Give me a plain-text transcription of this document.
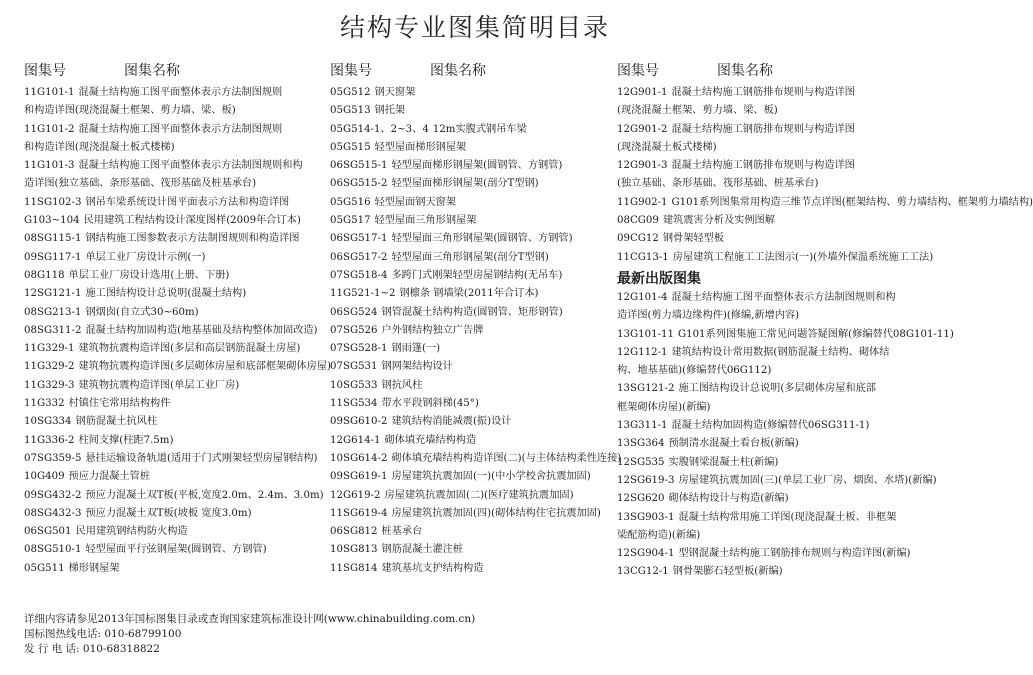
结构专业图集简明目录
图集号	图集名称
11G101-1 混凝土结构施工图平面整体表示方法制图规则
和构造详图(现浇混凝土框架、剪力墙、梁、板)
11G101-2 混凝土结构施工图平面整体表示方法制图规则
和构造详图(现浇混凝土板式楼梯)
11G101-3 混凝土结构施工图平面整体表示方法制图规则和构
造详图(独立基础、条形基础、筏形基础及桩基承台)
11SG102-3 钢吊车梁系统设计图平面表示方法和构造详图
G103~104 民用建筑工程结构设计深度图样(2009年合订本)
08SG115-1 钢结构施工图参数表示方法制图规则和构造详图
09SG117-1 单层工业厂房设计示例(一)
08G118 单层工业厂房设计选用(上册、下册)
12SG121-1 施工图结构设计总说明(混凝土结构)
08SG213-1 钢烟囱(自立式30~60m)
08SG311-2 混凝土结构加固构造(地基基础及结构整体加固改造)
11G329-1 建筑物抗震构造详图(多层和高层钢筋混凝土房屋)
11G329-2 建筑物抗震构造详图(多层砌体房屋和底部框架砌体房屋)
11G329-3 建筑物抗震构造详图(单层工业厂房)
11G332 村镇住宅常用结构构件
10SG334 钢筋混凝土抗风柱
11G336-2 柱间支撑(柱距7.5m)
07SG359-5 悬挂运输设备轨道(适用于门式刚架轻型房屋钢结构)
10G409 预应力混凝土管桩
09SG432-2 预应力混凝土双T板(平板,宽度2.0m、2.4m、3.0m)
08SG432-3 预应力混凝土双T板(坡板 宽度3.0m)
06SG501 民用建筑钢结构防火构造
08SG510-1 轻型屋面平行弦钢屋架(圆钢管、方钢管)
05G511 梯形钢屋架
图集号	图集名称
05G512 钢天窗架
05G513 钢托架
05G514-1、2~3、4 12m实腹式钢吊车梁
05G515 轻型屋面梯形钢屋架
06SG515-1 轻型屋面梯形钢屋架(圆钢管、方钢管)
06SG515-2 轻型屋面梯形钢屋架(剖分T型钢)
05G516 轻型屋面钢天窗架
05G517 轻型屋面三角形钢屋架
06SG517-1 轻型屋面三角形钢屋架(圆钢管、方钢管)
06SG517-2 轻型屋面三角形钢屋架(剖分T型钢)
07SG518-4 多跨门式刚架轻型房屋钢结构(无吊车)
11G521-1~2 钢檩条 钢墙梁(2011年合订本)
06SG524 钢管混凝土结构构造(圆钢管、矩形钢管)
07SG526 户外钢结构独立广告牌
07SG528-1 钢雨篷(一)
07SG531 钢网架结构设计
10SG533 钢抗风柱
11SG534 带水平段钢斜梯(45°)
09SG610-2 建筑结构消能减震(振)设计
12G614-1 砌体填充墙结构构造
10SG614-2 砌体填充墙结构构造详图(二)(与主体结构柔性连接)
09SG619-1 房屋建筑抗震加固(一)(中小学校舍抗震加固)
12G619-2 房屋建筑抗震加固(二)(医疗建筑抗震加固)
11SG619-4 房屋建筑抗震加固(四)(砌体结构住宅抗震加固)
06SG812 桩基承台
10SG813 钢筋混凝土灌注桩
11SG814 建筑基坑支护结构构造
图集号	图集名称
12G901-1 混凝土结构施工钢筋排布规则与构造详图
(现浇混凝土框架、剪力墙、梁、板)
12G901-2 混凝土结构施工钢筋排布规则与构造详图
(现浇混凝土板式楼梯)
12G901-3 混凝土结构施工钢筋排布规则与构造详图
(独立基础、条形基础、筏形基础、桩基承台)
11G902-1 G101系列图集常用构造三维节点详图(框架结构、剪力墙结构、框架剪力墙结构)
08CG09 建筑震害分析及实例图解
09CG12 钢骨架轻型板
11CG13-1 房屋建筑工程施工工法图示(一)(外墙外保温系统施工工法)
最新出版图集
12G101-4 混凝土结构施工图平面整体表示方法制图规则和构
造详图(剪力墙边缘构件)(修编,新增内容)
13G101-11 G101系列图集施工常见问题答疑图解(修编替代08G101-11)
12G112-1 建筑结构设计常用数据(钢筋混凝土结构、砌体结
构、地基基础)(修编替代06G112)
13SG121-2 施工图结构设计总说明(多层砌体房屋和底部
框架砌体房屋)(新编)
13G311-1 混凝土结构加固构造(修编替代06SG311-1)
13SG364 预制清水混凝土看台板(新编)
12SG535 实腹钢梁混凝土柱(新编)
12SG619-3 房屋建筑抗震加固(三)(单层工业厂房、烟囱、水塔)(新编)
12SG620 砌体结构设计与构造(新编)
13SG903-1 混凝土结构常用施工详图(现浇混凝土板、非框架
梁配筋构造)(新编)
12SG904-1 型钢混凝土结构施工钢筋排布规则与构造详图(新编)
13CG12-1 钢骨架膨石轻型板(新编)
详细内容请参见2013年国标图集目录或查询国家建筑标准设计网(www.chinabuilding.com.cn)
国标图热线电话: 010-68799100
发 行 电 话: 010-68318822
